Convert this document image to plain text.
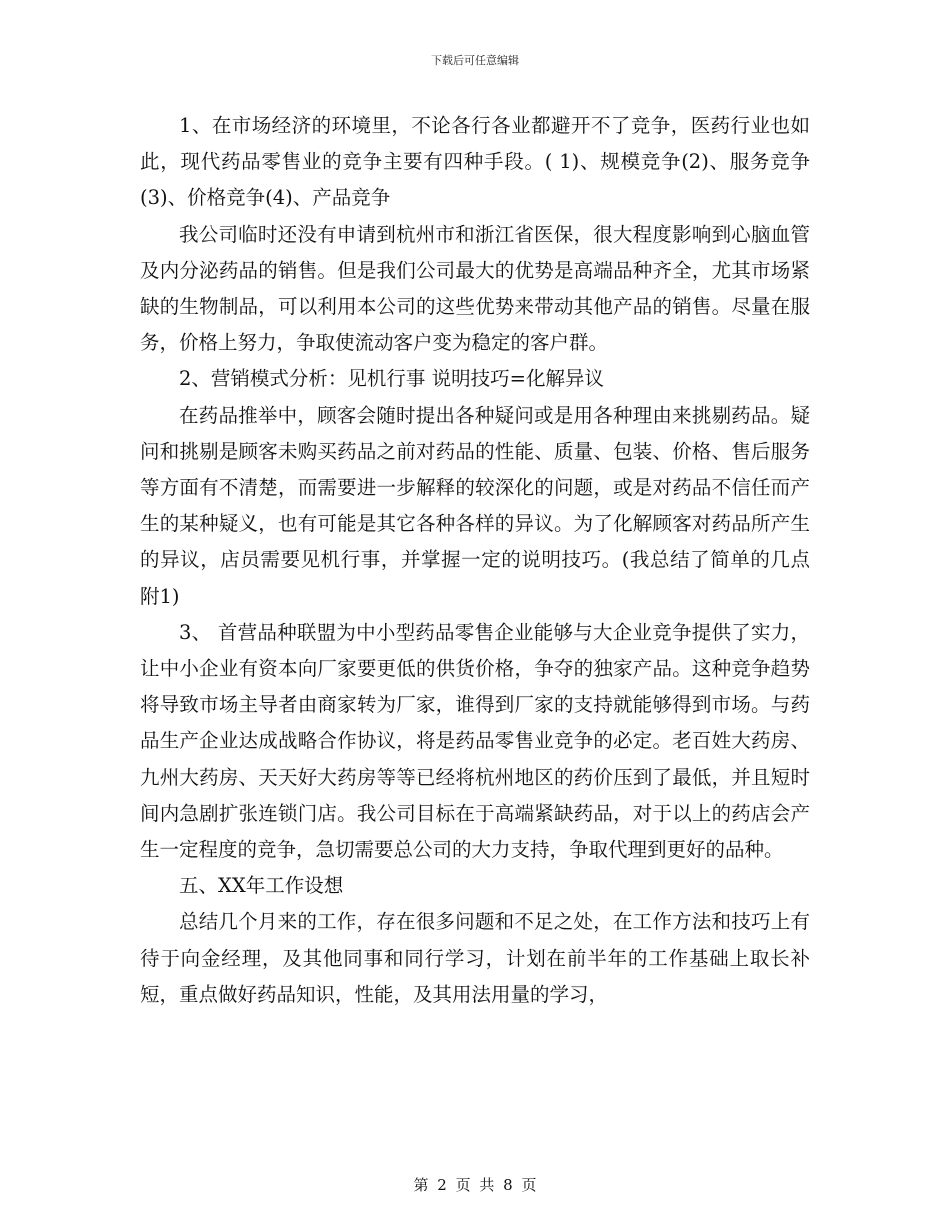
下载后可任意编辑

1、在市场经济的环境里，不论各行各业都避开不了竞争，医药行业也如此，现代药品零售业的竞争主要有四种手段。( 1)、规模竞争(2)、服务竞争(3)、价格竞争(4)、产品竞争

我公司临时还没有申请到杭州市和浙江省医保，很大程度影响到心脑血管及内分泌药品的销售。但是我们公司最大的优势是高端品种齐全，尤其市场紧缺的生物制品，可以利用本公司的这些优势来带动其他产品的销售。尽量在服务，价格上努力，争取使流动客户变为稳定的客户群。

2、营销模式分析：见机行事 说明技巧=化解异议

在药品推举中，顾客会随时提出各种疑问或是用各种理由来挑剔药品。疑问和挑剔是顾客未购买药品之前对药品的性能、质量、包装、价格、售后服务等方面有不清楚，而需要进一步解释的较深化的问题，或是对药品不信任而产生的某种疑义，也有可能是其它各种各样的异议。为了化解顾客对药品所产生的异议，店员需要见机行事，并掌握一定的说明技巧。(我总结了简单的几点附1)

3、 首营品种联盟为中小型药品零售企业能够与大企业竞争提供了实力，让中小企业有资本向厂家要更低的供货价格，争夺的独家产品。这种竞争趋势将导致市场主导者由商家转为厂家，谁得到厂家的支持就能够得到市场。与药品生产企业达成战略合作协议，将是药品零售业竞争的必定。老百姓大药房、九州大药房、天天好大药房等等已经将杭州地区的药价压到了最低，并且短时间内急剧扩张连锁门店。我公司目标在于高端紧缺药品，对于以上的药店会产生一定程度的竞争，急切需要总公司的大力支持，争取代理到更好的品种。

五、XX年工作设想

总结几个月来的工作，存在很多问题和不足之处，在工作方法和技巧上有待于向金经理，及其他同事和同行学习，计划在前半年的工作基础上取长补短，重点做好药品知识，性能，及其用法用量的学习，

第 2 页 共 8 页
